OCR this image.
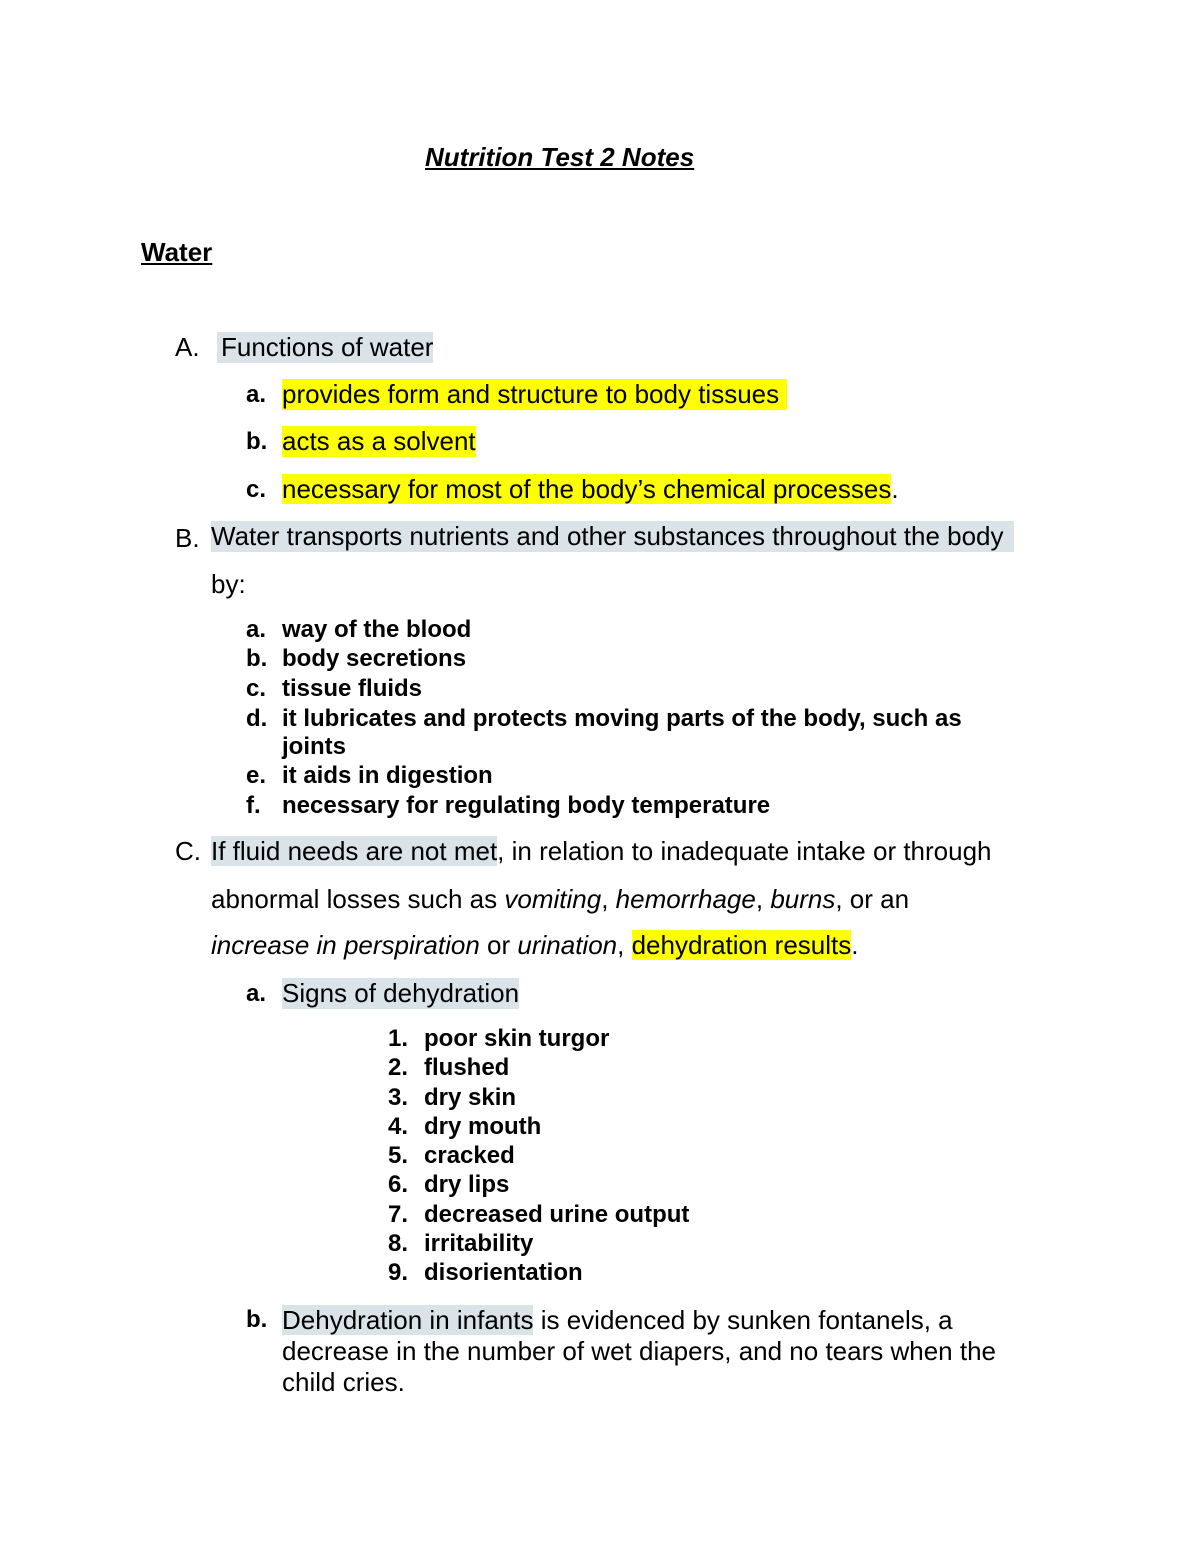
Nutrition Test 2 Notes
Water
A. Functions of water
a. provides form and structure to body tissues
b. acts as a solvent
necessary for most of the body’s chemical processes.
c.
B. Water transports nutrients and other substances throughout the body
by:
a. way of the blood
b. body secretions
c. tissue fluids
d. it lubricates and protects moving parts of the body, such as
joints
e. it aids in digestion
f. necessary for regulating body temperature
C. If fluid needs are not met, in relation to inadequate intake or through
abnormal losses such as vomiting, hemorrhage, burns, or an
increase in perspiration or urination, dehydration results.
a. Signs of dehydration
1. poor skin turgor
2. flushed
3. dry skin
4. dry mouth
5. cracked
6. dry lips
7. decreased urine output
8. irritability
9. disorientation
b. Dehydration in infants is evidenced by sunken fontanels, a
decrease in the number of wet diapers, and no tears when the
child cries.
